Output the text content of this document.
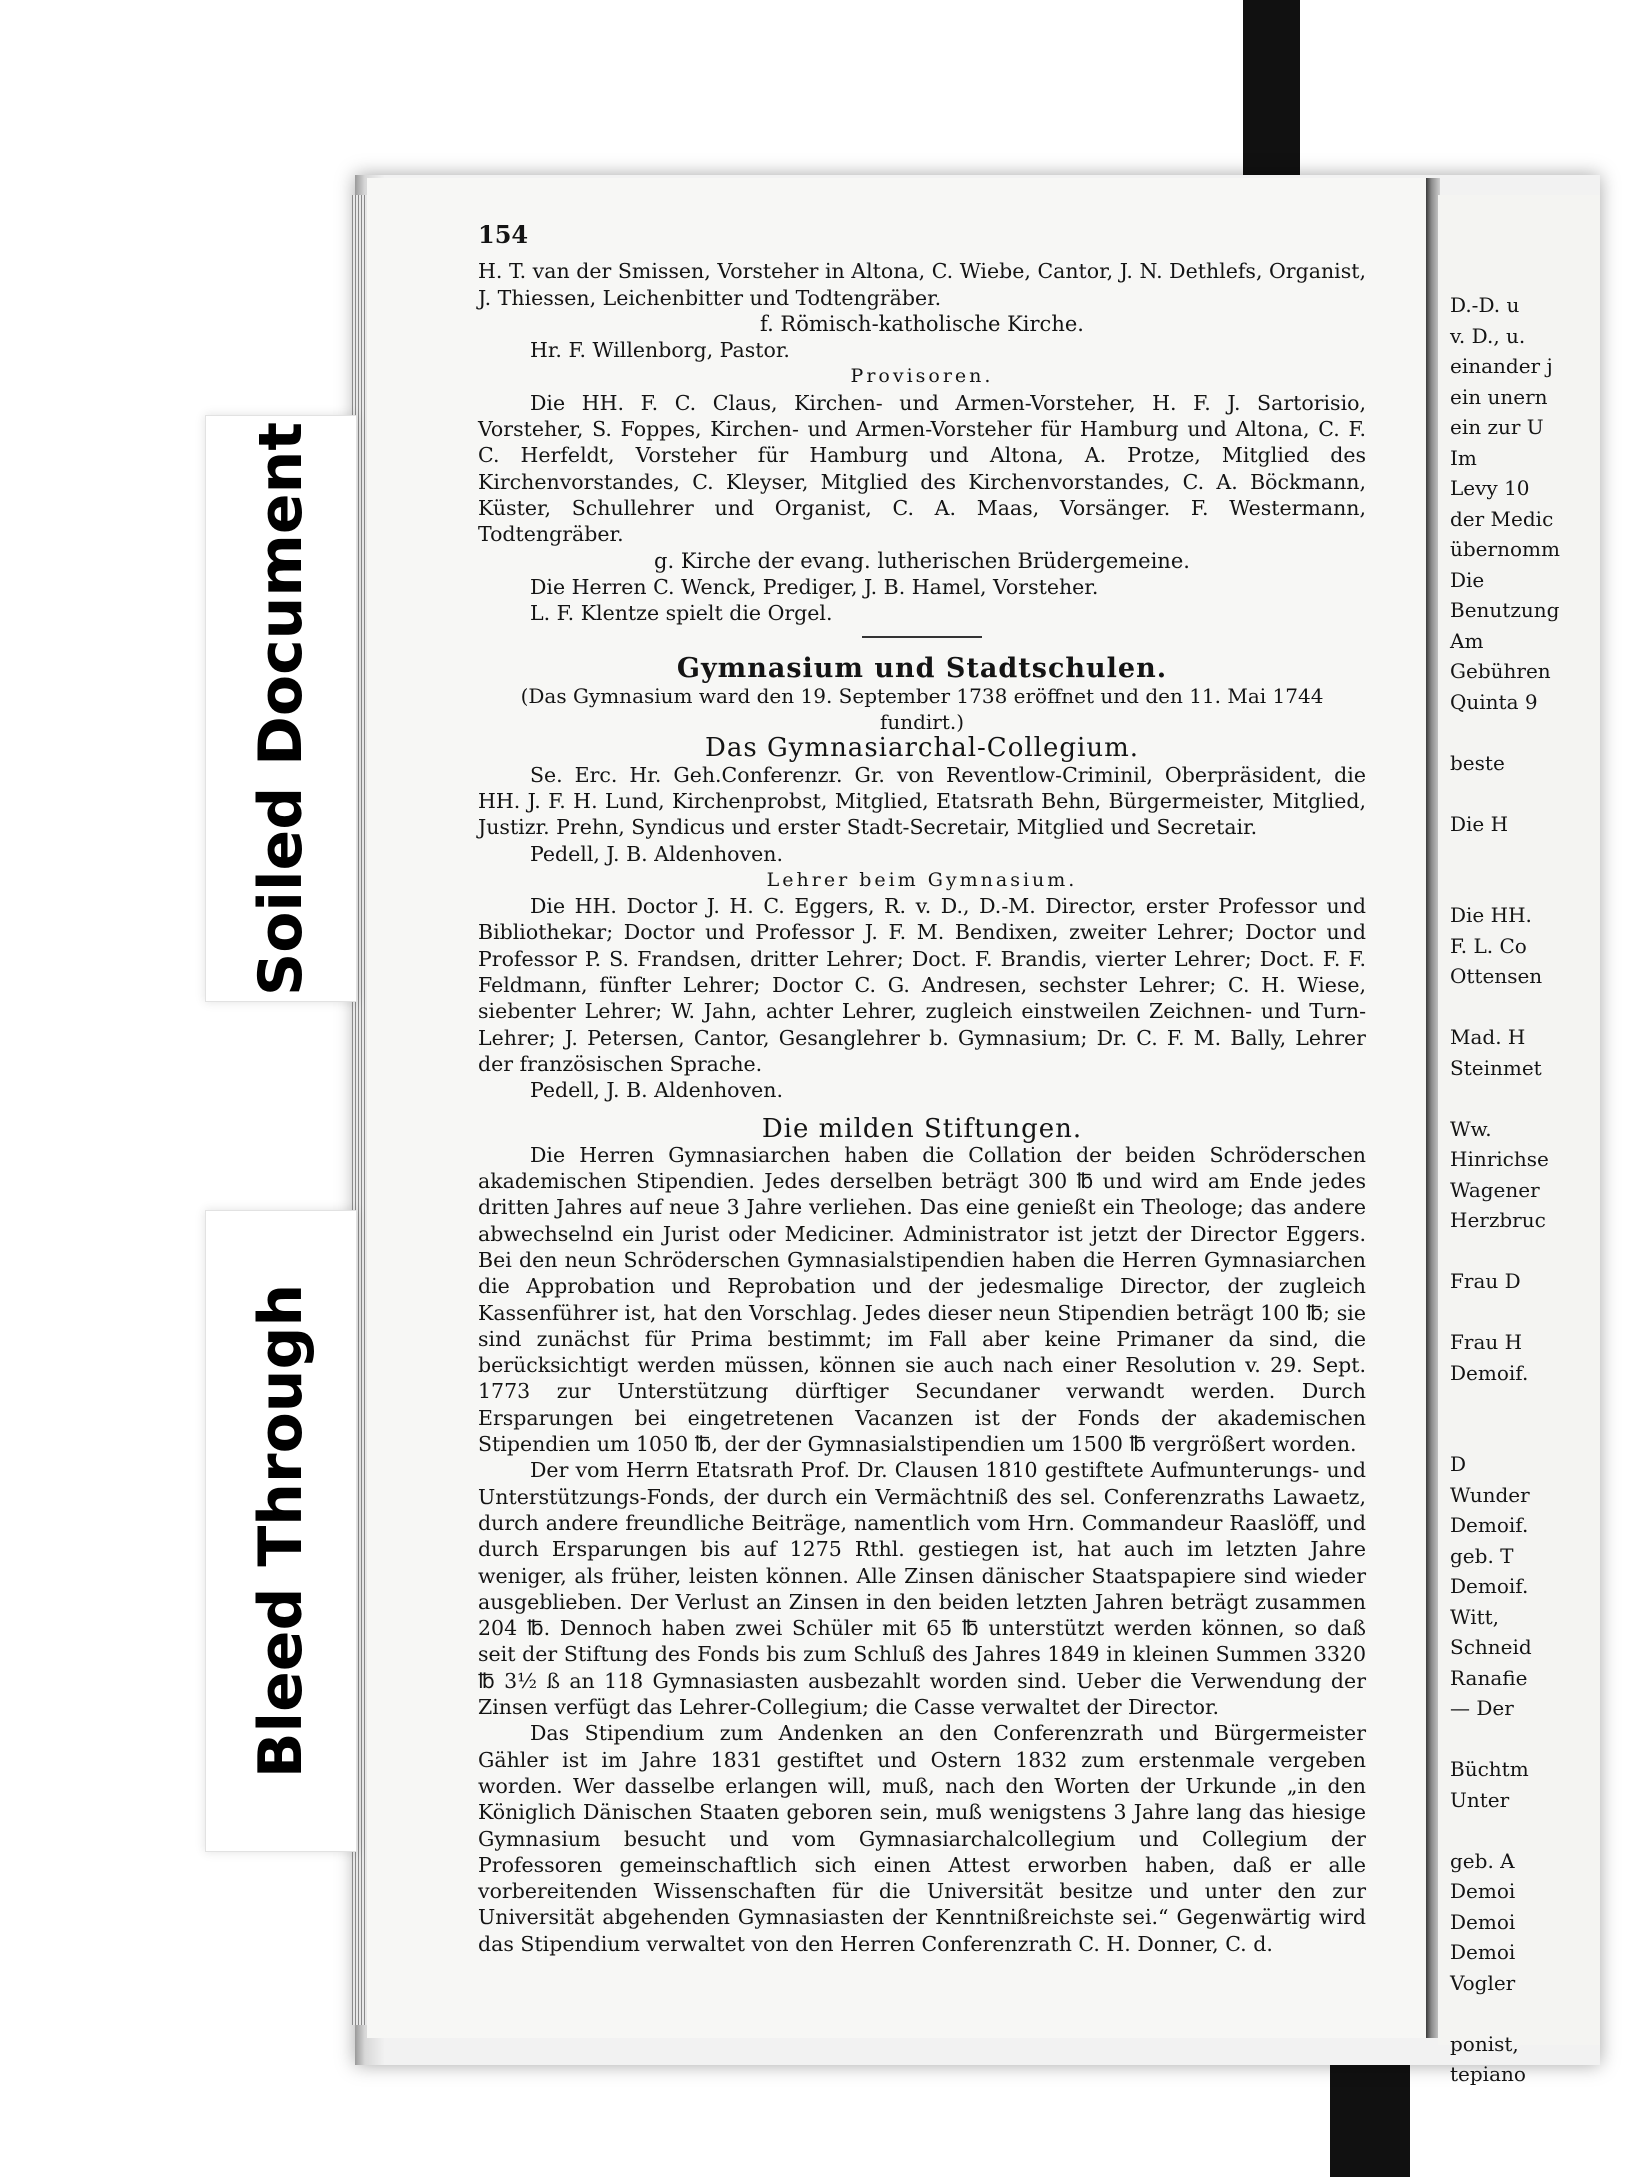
D.-D. u
v. D., u.
einander j
ein unern
ein zur U
Im
Levy 10
der Medic
übernomm
Die
Benutzung
Am
Gebühren
Quinta 9
beste
Die H
Die HH.
F. L. Co
Ottensen
Mad. H
Steinmet
Ww.
Hinrichse
Wagener
Herzbruc
Frau D
Frau H
Demoif.
D
Wunder
Demoif.
geb. T
Demoif.
Witt,
Schneid
Ranafie
— Der
Büchtm
Unter
geb. A
Demoi
Demoi
Demoi
Vogler
ponist,
tepiano
Soiled Document
Bleed Through
154

H. T. van der Smissen, Vorsteher in Altona, C. Wiebe, Cantor, J. N. Dethlefs, Organist, J. Thiessen, Leichenbitter und Todtengräber.

f. Römisch-katholische Kirche.

Hr. F. Willenborg, Pastor.

Provisoren.

Die HH. F. C. Claus, Kirchen- und Armen-Vorsteher, H. F. J. Sartorisio, Vorsteher, S. Foppes, Kirchen- und Armen-Vorsteher für Hamburg und Altona, C. F. C. Herfeldt, Vorsteher für Hamburg und Altona, A. Protze, Mitglied des Kirchenvorstandes, C. Kleyser, Mitglied des Kirchenvorstandes, C. A. Böckmann, Küster, Schullehrer und Organist, C. A. Maas, Vorsänger. F. Westermann, Todtengräber.

g. Kirche der evang. lutherischen Brüdergemeine.

Die Herren C. Wenck, Prediger, J. B. Hamel, Vorsteher.

L. F. Klentze spielt die Orgel.

Gymnasium und Stadtschulen.

(Das Gymnasium ward den 19. September 1738 eröffnet und den 11. Mai 1744 fundirt.)

Das Gymnasiarchal-Collegium.

Se. Erc. Hr. Geh.Conferenzr. Gr. von Reventlow-Criminil, Oberpräsident, die HH. J. F. H. Lund, Kirchenprobst, Mitglied, Etatsrath Behn, Bürgermeister, Mitglied, Justizr. Prehn, Syndicus und erster Stadt-Secretair, Mitglied und Secretair.

Pedell, J. B. Aldenhoven.

Lehrer beim Gymnasium.

Die HH. Doctor J. H. C. Eggers, R. v. D., D.-M. Director, erster Professor und Bibliothekar; Doctor und Professor J. F. M. Bendixen, zweiter Lehrer; Doctor und Professor P. S. Frandsen, dritter Lehrer; Doct. F. Brandis, vierter Lehrer; Doct. F. F. Feldmann, fünfter Lehrer; Doctor C. G. Andresen, sechster Lehrer; C. H. Wiese, siebenter Lehrer; W. Jahn, achter Lehrer, zugleich einstweilen Zeichnen- und Turn-Lehrer; J. Petersen, Cantor, Gesanglehrer b. Gymnasium; Dr. C. F. M. Bally, Lehrer der französischen Sprache.

Pedell, J. B. Aldenhoven.

Die milden Stiftungen.

Die Herren Gymnasiarchen haben die Collation der beiden Schröderschen akademischen Stipendien. Jedes derselben beträgt 300 ℔ und wird am Ende jedes dritten Jahres auf neue 3 Jahre verliehen. Das eine genießt ein Theologe; das andere abwechselnd ein Jurist oder Mediciner. Administrator ist jetzt der Director Eggers. Bei den neun Schröderschen Gymnasialstipendien haben die Herren Gymnasiarchen die Approbation und Reprobation und der jedesmalige Director, der zugleich Kassenführer ist, hat den Vorschlag. Jedes dieser neun Stipendien beträgt 100 ℔; sie sind zunächst für Prima bestimmt; im Fall aber keine Primaner da sind, die berücksichtigt werden müssen, können sie auch nach einer Resolution v. 29. Sept. 1773 zur Unterstützung dürftiger Secundaner verwandt werden. Durch Ersparungen bei eingetretenen Vacanzen ist der Fonds der akademischen Stipendien um 1050 ℔, der der Gymnasialstipendien um 1500 ℔ vergrößert worden.

Der vom Herrn Etatsrath Prof. Dr. Clausen 1810 gestiftete Aufmunterungs- und Unterstützungs-Fonds, der durch ein Vermächtniß des sel. Conferenzraths Lawaetz, durch andere freundliche Beiträge, namentlich vom Hrn. Commandeur Raaslöff, und durch Ersparungen bis auf 1275 Rthl. gestiegen ist, hat auch im letzten Jahre weniger, als früher, leisten können. Alle Zinsen dänischer Staatspapiere sind wieder ausgeblieben. Der Verlust an Zinsen in den beiden letzten Jahren beträgt zusammen 204 ℔. Dennoch haben zwei Schüler mit 65 ℔ unterstützt werden können, so daß seit der Stiftung des Fonds bis zum Schluß des Jahres 1849 in kleinen Summen 3320 ℔ 3½ ß an 118 Gymnasiasten ausbezahlt worden sind. Ueber die Verwendung der Zinsen verfügt das Lehrer-Collegium; die Casse verwaltet der Director.

Das Stipendium zum Andenken an den Conferenzrath und Bürgermeister Gähler ist im Jahre 1831 gestiftet und Ostern 1832 zum erstenmale vergeben worden. Wer dasselbe erlangen will, muß, nach den Worten der Urkunde „in den Königlich Dänischen Staaten geboren sein, muß wenigstens 3 Jahre lang das hiesige Gymnasium besucht und vom Gymnasiarchalcollegium und Collegium der Professoren gemeinschaftlich sich einen Attest erworben haben, daß er alle vorbereitenden Wissenschaften für die Universität besitze und unter den zur Universität abgehenden Gymnasiasten der Kenntnißreichste sei.“ Gegenwärtig wird das Stipendium verwaltet von den Herren Conferenzrath C. H. Donner, C. d.
